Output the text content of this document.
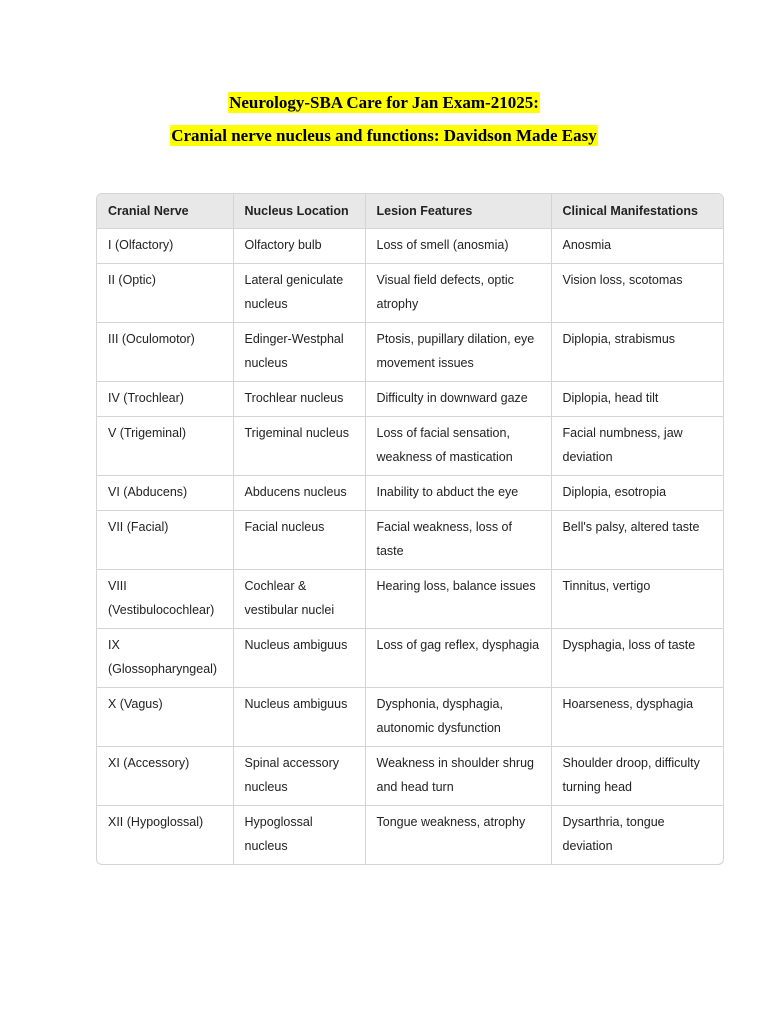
Neurology-SBA Care for Jan Exam-21025:
Cranial nerve nucleus and functions: Davidson Made Easy
Cranial Nerve	Nucleus Location	Lesion Features	Clinical Manifestations
I (Olfactory)	Olfactory bulb	Loss of smell (anosmia)	Anosmia
II (Optic)	Lateral geniculate nucleus	Visual field defects, optic atrophy	Vision loss, scotomas
III (Oculomotor)	Edinger-Westphal nucleus	Ptosis, pupillary dilation, eye movement issues	Diplopia, strabismus
IV (Trochlear)	Trochlear nucleus	Difficulty in downward gaze	Diplopia, head tilt
V (Trigeminal)	Trigeminal nucleus	Loss of facial sensation, weakness of mastication	Facial numbness, jaw deviation
VI (Abducens)	Abducens nucleus	Inability to abduct the eye	Diplopia, esotropia
VII (Facial)	Facial nucleus	Facial weakness, loss of taste	Bell's palsy, altered taste
VIII (Vestibulocochlear)	Cochlear & vestibular nuclei	Hearing loss, balance issues	Tinnitus, vertigo
IX (Glossopharyngeal)	Nucleus ambiguus	Loss of gag reflex, dysphagia	Dysphagia, loss of taste
X (Vagus)	Nucleus ambiguus	Dysphonia, dysphagia, autonomic dysfunction	Hoarseness, dysphagia
XI (Accessory)	Spinal accessory nucleus	Weakness in shoulder shrug and head turn	Shoulder droop, difficulty turning head
XII (Hypoglossal)	Hypoglossal nucleus	Tongue weakness, atrophy	Dysarthria, tongue deviation
